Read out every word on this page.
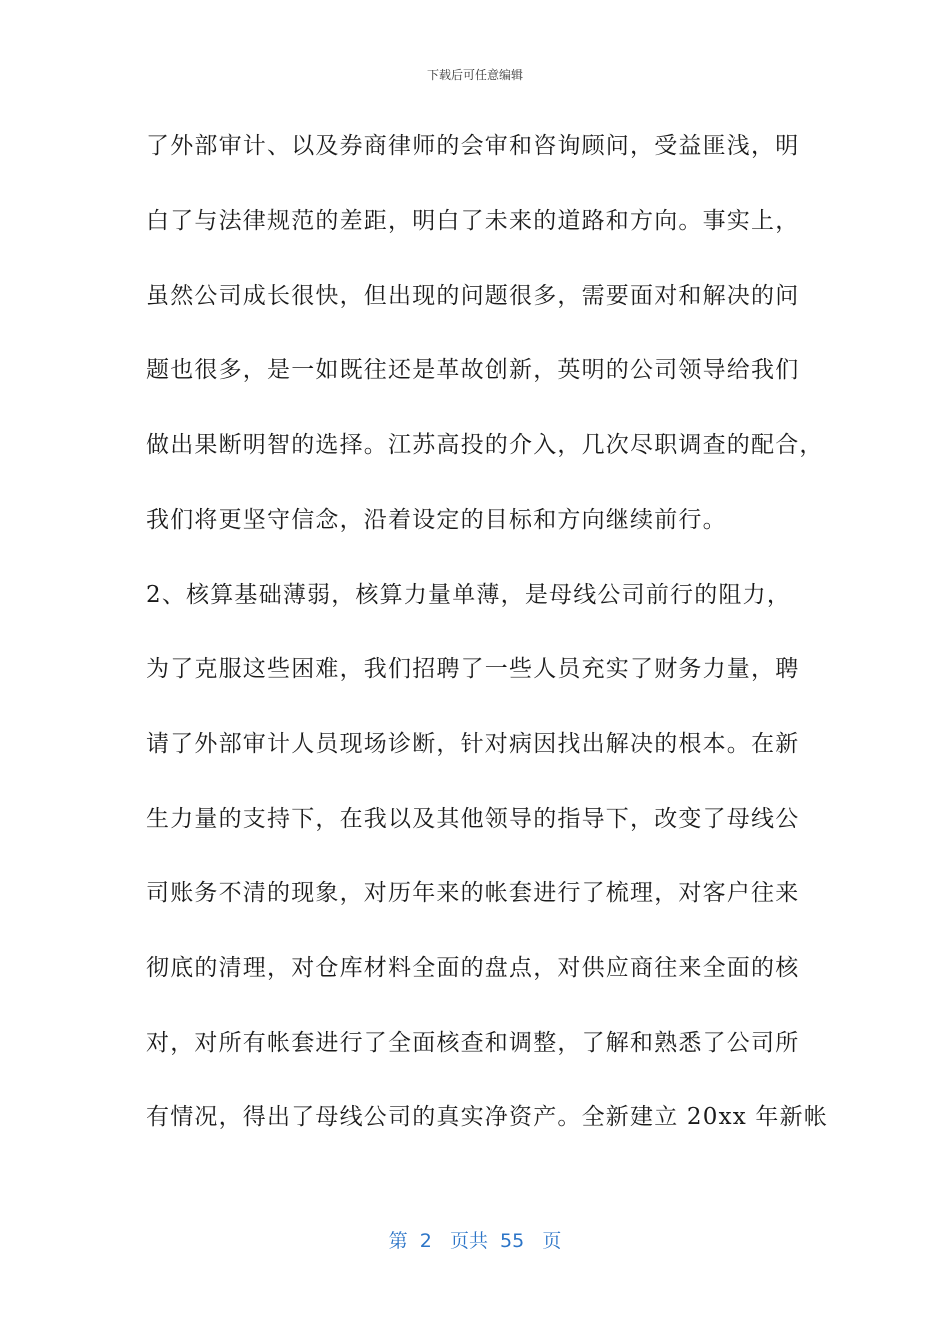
下载后可任意编辑
了外部审计、以及券商律师的会审和咨询顾问，受益匪浅，明
白了与法律规范的差距，明白了未来的道路和方向。事实上，
虽然公司成长很快，但出现的问题很多，需要面对和解决的问
题也很多，是一如既往还是革故创新，英明的公司领导给我们
做出果断明智的选择。江苏高投的介入，几次尽职调查的配合，
我们将更坚守信念，沿着设定的目标和方向继续前行。
2、核算基础薄弱，核算力量单薄，是母线公司前行的阻力，
为了克服这些困难，我们招聘了一些人员充实了财务力量，聘
请了外部审计人员现场诊断，针对病因找出解决的根本。在新
生力量的支持下，在我以及其他领导的指导下，改变了母线公
司账务不清的现象，对历年来的帐套进行了梳理，对客户往来
彻底的清理，对仓库材料全面的盘点，对供应商往来全面的核
对，对所有帐套进行了全面核查和调整，了解和熟悉了公司所
有情况，得出了母线公司的真实净资产。全新建立 20xx 年新帐
第 2 页共 55 页
